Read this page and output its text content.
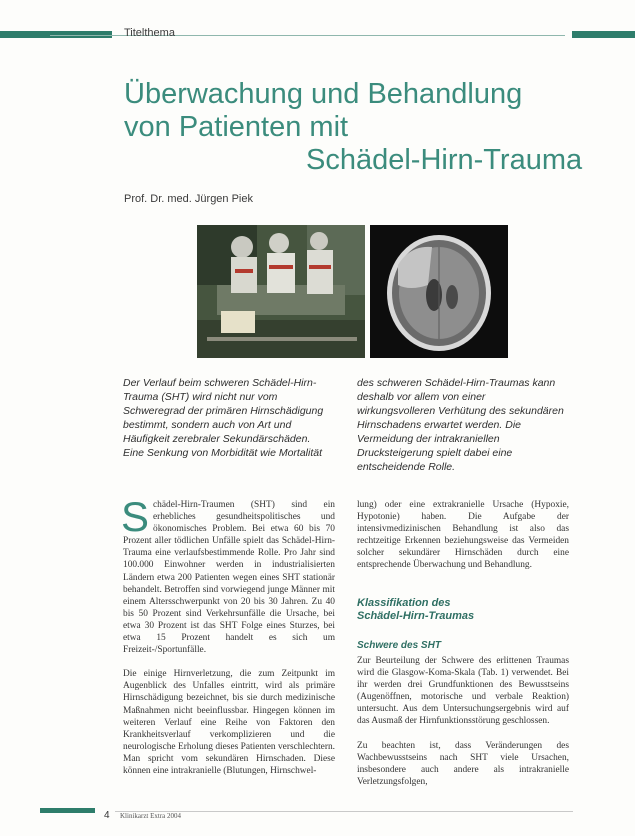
Titelthema
Überwachung und Behandlung
von Patienten mit
Schädel-Hirn-Trauma
Prof. Dr. med. Jürgen Piek

Der Verlauf beim schweren Schädel-Hirn-Trauma (SHT) wird nicht nur vom Schweregrad der primären Hirnschädigung bestimmt, sondern auch von Art und Häufigkeit zerebraler Sekundärschäden. Eine Senkung von Morbidität wie Mortalität

des schweren Schädel-Hirn-Traumas kann deshalb vor allem von einer wirkungsvolleren Verhütung des sekundären Hirnschadens erwartet werden. Die Vermeidung der intrakraniellen Drucksteigerung spielt dabei eine entscheidende Rolle.

Schädel-Hirn-Traumen (SHT) sind ein erhebliches gesundheitspolitisches und ökonomisches Problem. Bei etwa 60 bis 70 Prozent aller tödlichen Unfälle spielt das Schädel-Hirn-Trauma eine verlaufsbestimmende Rolle. Pro Jahr sind 100.000 Einwohner werden in industrialisierten Ländern etwa 200 Patienten wegen eines SHT stationär behandelt. Betroffen sind vorwiegend junge Männer mit einem Altersschwerpunkt von 20 bis 30 Jahren. Zu 40 bis 50 Prozent sind Verkehrsunfälle die Ursache, bei etwa 30 Prozent ist das SHT Folge eines Sturzes, bei etwa 15 Prozent handelt es sich um Freizeit-/Sportunfälle.

Die einige Hirnverletzung, die zum Zeitpunkt im Augenblick des Unfalles eintritt, wird als primäre Hirnschädigung bezeichnet, bis sie durch medizinische Maßnahmen nicht beeinflussbar. Hingegen können im weiteren Verlauf eine Reihe von Faktoren den Krankheitsverlauf verkomplizieren und die neurologische Erholung dieses Patienten verschlechtern. Man spricht vom sekundären Hirnschaden. Diese können eine intrakranielle (Blutungen, Hirnschwel-

lung) oder eine extrakranielle Ursache (Hypoxie, Hypotonie) haben. Die Aufgabe der intensivmedizinischen Behandlung ist also das rechtzeitige Erkennen beziehungsweise das Vermeiden solcher sekundärer Hirnschäden durch eine entsprechende Überwachung und Behandlung.

Klassifikation des
Schädel-Hirn-Traumas
Schwere des SHT

Zur Beurteilung der Schwere des erlittenen Traumas wird die Glasgow-Koma-Skala (Tab. 1) verwendet. Bei ihr werden drei Grundfunktionen des Bewusstseins (Augenöffnen, motorische und verbale Reaktion) untersucht. Aus dem Untersuchungsergebnis wird auf das Ausmaß der Hirnfunktionsstörung geschlossen.

Zu beachten ist, dass Veränderungen des Wachbewusstseins nach SHT viele Ursachen, insbesondere auch andere als intrakranielle Verletzungsfolgen,

4 Klinikarzt Extra 2004
